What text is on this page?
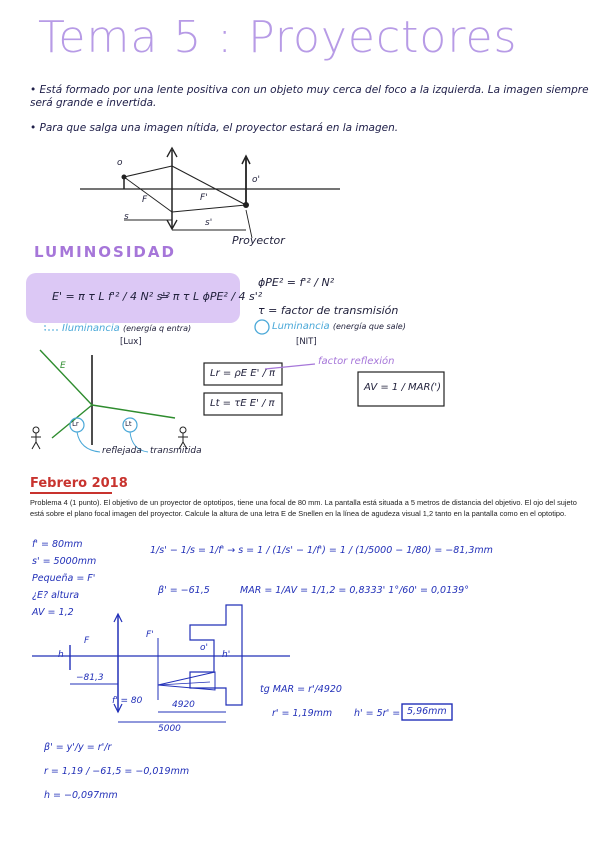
Tema 5 : Proyectores
• Está formado por una lente positiva con un objeto muy cerca del foco a la izquierda. La imagen siempre será grande e invertida.
• Para que salga una imagen nítida, el proyector estará en la imagen.
o
F	F'
s
s'
o'
Proyector
LUMINOSIDAD
E' = π τ L f'² / 4 N² s'²
= π τ L ϕPE² / 4 s'²
ϕPE² = f'² / N²
τ = factor de transmisión
Iluminancia (energía q entra)
[Lux]
Luminancia (energía que sale)
[NIT]
factor reflexión
Lr = ρE E' / π
Lt = τE E' / π
AV = 1 / MAR(')
E
Lr	Lt
reflejada transmitida
Febrero 2018
Problema 4 (1 punto). El objetivo de un proyector de optotipos, tiene una focal de 80 mm. La pantalla está situada a 5 metros de distancia del objetivo. El ojo del sujeto está sobre el plano focal imagen del proyector. Calcule la altura de una letra E de Snellen en la línea de agudeza visual 1,2 tanto en la pantalla como en el optotipo.
f' = 80mm
s' = 5000mm
Pequeña = F'
¿E? altura
AV = 1,2
1/s' − 1/s = 1/f' → s = 1 / (1/s' − 1/f') = 1 / (1/5000 − 1/80) = −81,3mm
β' = −61,5	MAR = 1/AV = 1/1,2 = 0,8333' 1°/60' = 0,0139°
tg MAR = r'/4920
r' = 1,19mm h' = 5r' = 5,96mm
h'
h
F
F'
o'
4920
5000
−81,3
f' = 80
β' = y'/y = r'/r
r = 1,19 / −61,5 = −0,019mm
h = −0,097mm
